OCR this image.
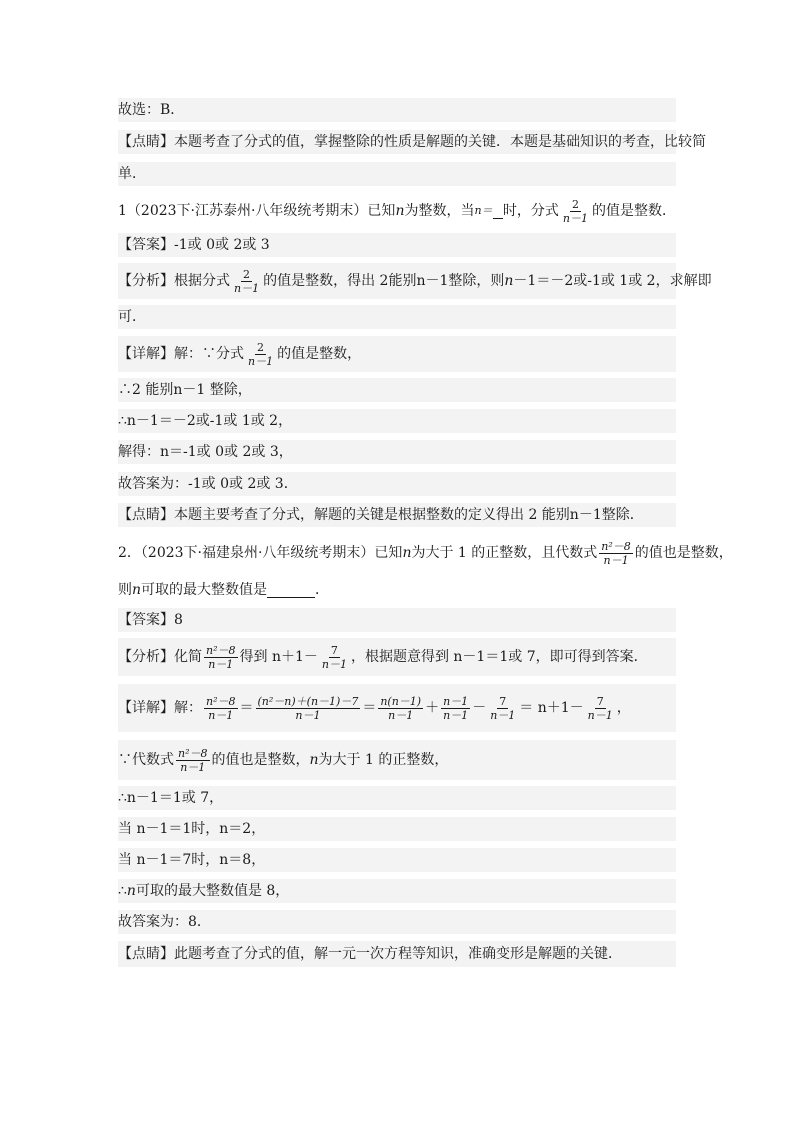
故选：B．
【点睛】本题考查了分式的值，掌握整除的性质是解题的关键．本题是基础知识的考查，比较简
单．
1（2023下·江苏泰州·八年级统考期末）已知 n 为整数，当 n＝ 时，分式 $\frac{2}{n-1}$ 的值是整数．
【答案】-1或 0或 2或 3
【分析】根据分式 $\frac{2}{n-1}$ 的值是整数，得出 2能别n－1整除，则 n －1＝－2或-1或 1或 2，求解即
可．
【详解】解：∵分式 $\frac{2}{n-1}$ 的值是整数，
∴2 能别n－1 整除，
∴n－1＝－2或-1或 1或 2，
解得：n＝-1或 0或 2或 3，
故答案为：-1或 0或 2或 3．
【点睛】本题主要考查了分式，解题的关键是根据整数的定义得出 2 能别n－1整除．
2．（2023下·福建泉州·八年级统考期末）已知 n 为大于 1 的正整数，且代数式 $\frac{\text{n²－8}}{n-1}$ 的值也是整数，
则 n 可取的最大整数值是	．
【答案】8
【分析】化简 $\frac{\text{n²－8}}{n-1}$ 得到 $n+1- \frac{7}{n-1}$ ，根据题意得到 n－1＝1或 7，即可得到答案．
【详解】解： $\frac{\text{n²－8}}{n-1} = \frac{\text{(n²－n)＋(n－1)－7}}{n-1} = \frac{n(n-1)}{n-1} + \frac{n-1}{n-1} - \frac{7}{n-1} = n+1- \frac{7}{n-1}$ ，
∵代数式 $\frac{\text{n²－8}}{n-1}$ 的值也是整数， n 为大于 1 的正整数，
∴n－1＝1或 7，
当 n－1＝1时，n＝2，
当 n－1＝7时，n＝8，
∴ n 可取的最大整数值是 8，
故答案为：8．
【点睛】此题考查了分式的值，解一元一次方程等知识，准确变形是解题的关键．
